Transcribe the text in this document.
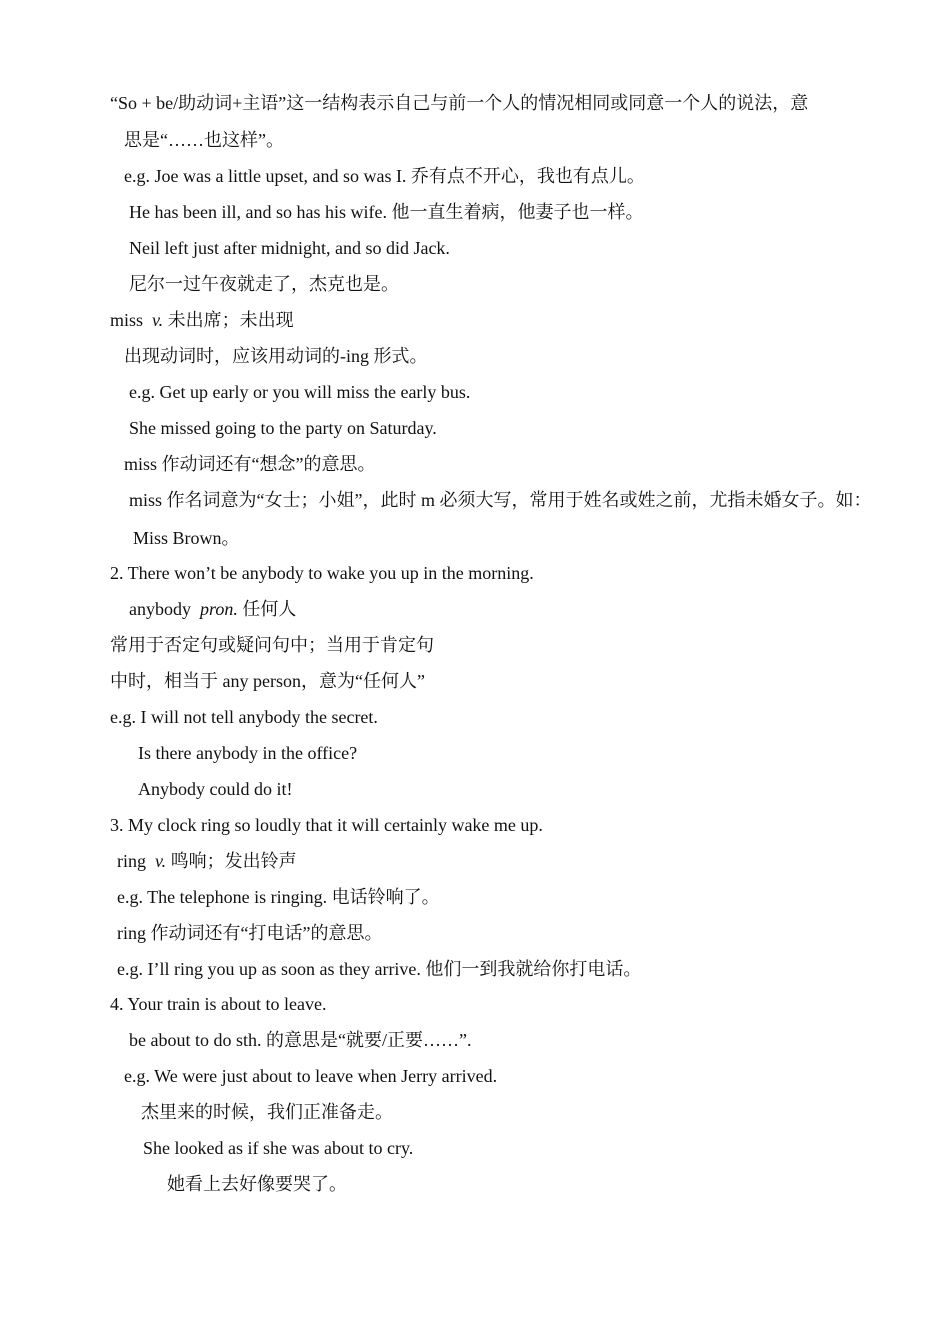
“So + be/助动词+主语”这一结构表示自己与前一个人的情况相同或同意一个人的说法，意
思是“……也这样”。
e.g. Joe was a little upset, and so was I. 乔有点不开心，我也有点儿。
He has been ill, and so has his wife. 他一直生着病，他妻子也一样。
Neil left just after midnight, and so did Jack.
尼尔一过午夜就走了，杰克也是。
miss v. 未出席；未出现
出现动词时，应该用动词的-ing 形式。
e.g. Get up early or you will miss the early bus.
She missed going to the party on Saturday.
miss 作动词还有“想念”的意思。
miss 作名词意为“女士；小姐”，此时 m 必须大写，常用于姓名或姓之前，尤指未婚女子。如：
Miss Brown。
2. There won’t be anybody to wake you up in the morning.
anybody pron. 任何人
常用于否定句或疑问句中；当用于肯定句
中时，相当于 any person，意为“任何人”
e.g. I will not tell anybody the secret.
Is there anybody in the office?
Anybody could do it!
3. My clock ring so loudly that it will certainly wake me up.
ring v. 鸣响；发出铃声
e.g. The telephone is ringing. 电话铃响了。
ring 作动词还有“打电话”的意思。
e.g. I’ll ring you up as soon as they arrive. 他们一到我就给你打电话。
4. Your train is about to leave.
be about to do sth. 的意思是“就要/正要……”.
e.g. We were just about to leave when Jerry arrived.
杰里来的时候，我们正准备走。
She looked as if she was about to cry.
她看上去好像要哭了。
